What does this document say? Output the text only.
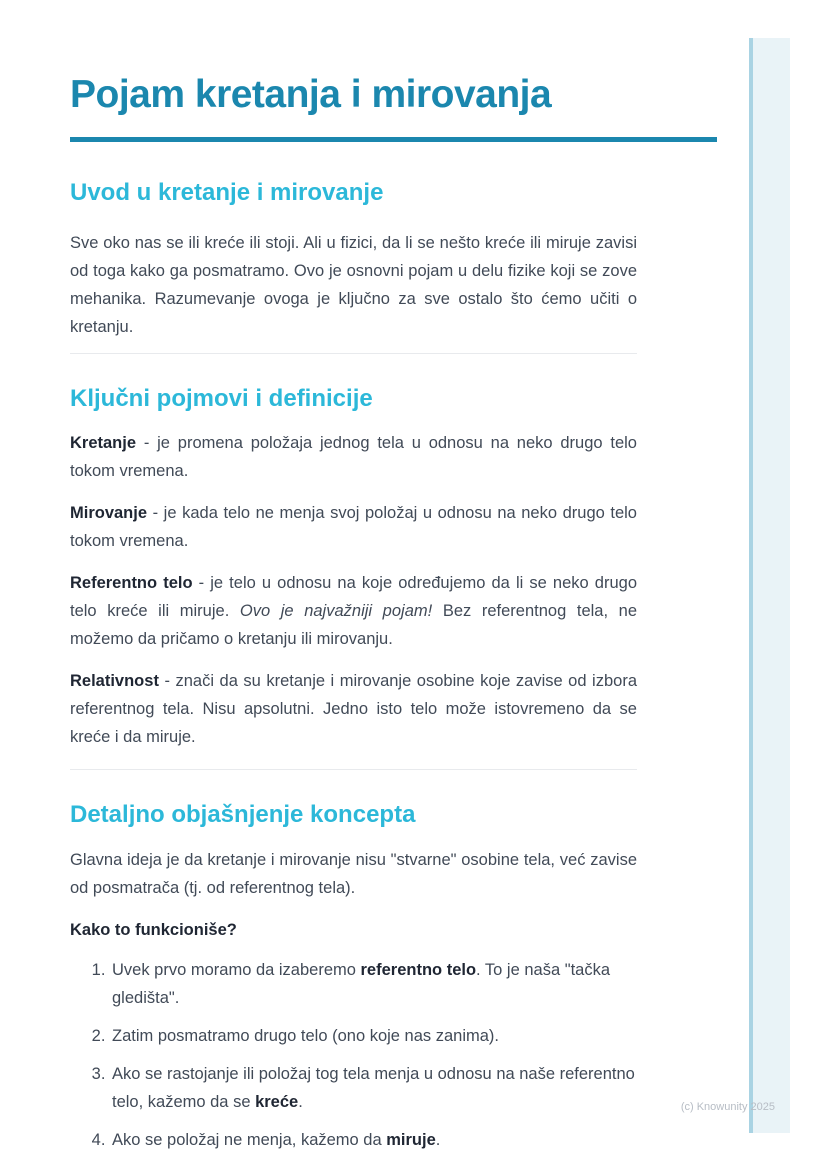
Pojam kretanja i mirovanja
Uvod u kretanje i mirovanje

Sve oko nas se ili kreće ili stoji. Ali u fizici, da li se nešto kreće ili miruje zavisi od toga kako ga posmatramo. Ovo je osnovni pojam u delu fizike koji se zove mehanika. Razumevanje ovoga je ključno za sve ostalo što ćemo učiti o kretanju.

Ključni pojmovi i definicije

Kretanje - je promena položaja jednog tela u odnosu na neko drugo telo tokom vremena.

Mirovanje - je kada telo ne menja svoj položaj u odnosu na neko drugo telo tokom vremena.

Referentno telo - je telo u odnosu na koje određujemo da li se neko drugo telo kreće ili miruje. Ovo je najvažniji pojam! Bez referentnog tela, ne možemo da pričamo o kretanju ili mirovanju.

Relativnost - znači da su kretanje i mirovanje osobine koje zavise od izbora referentnog tela. Nisu apsolutni. Jedno isto telo može istovremeno da se kreće i da miruje.

Detaljno objašnjenje koncepta

Glavna ideja je da kretanje i mirovanje nisu "stvarne" osobine tela, već zavise od posmatrača (tj. od referentnog tela).

Kako to funkcioniše?

1. Uvek prvo moramo da izaberemo referentno telo. To je naša "tačka gledišta".
2. Zatim posmatramo drugo telo (ono koje nas zanima).
3. Ako se rastojanje ili položaj tog tela menja u odnosu na naše referentno telo, kažemo da se kreće.
4. Ako se položaj ne menja, kažemo da miruje.
(c) Knowunity 2025
